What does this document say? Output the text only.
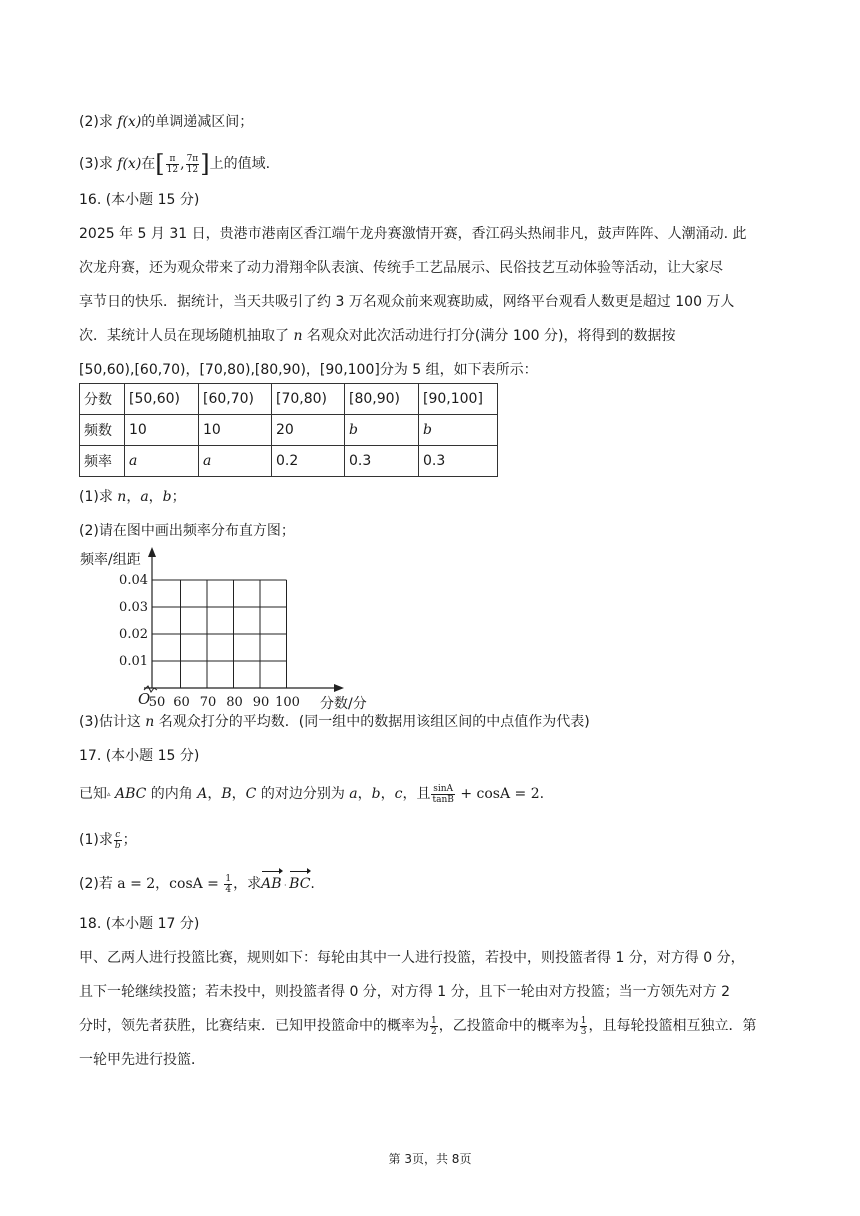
(2)求 f(x)的单调递减区间；
(3)求 f(x)在[ $\frac{\pi}{12}$ , $\frac{7\pi}{12}$ ]上的值域.
16. (本小题 15 分)
2025 年 5 月 31 日，贵港市港南区香江端午龙舟赛激情开赛，香江码头热闹非凡，鼓声阵阵、人潮涌动. 此
次龙舟赛，还为观众带来了动力滑翔伞队表演、传统手工艺品展示、民俗技艺互动体验等活动，让大家尽
享节日的快乐．据统计，当天共吸引了约 3 万名观众前来观赛助威，网络平台观看人数更是超过 100 万人
次．某统计人员在现场随机抽取了 n 名观众对此次活动进行打分(满分 100 分)，将得到的数据按
[50,60),[60,70)，[70,80),[80,90)，[90,100]分为 5 组，如下表所示：
分数	[50,60)	[60,70)	[70,80)	[80,90)	[90,100]
频数	10	10	20	b	b
频率	a	a	0.2	0.3	0.3
(1)求 n，a，b；
(2)请在图中画出频率分布直方图；
0.01
0.02
0.03
0.04
50 60 70 80 90 100
频率/组距
分数/分
O
(3)估计这 n 名观众打分的平均数．(同一组中的数据用该组区间的中点值作为代表)
17. (本小题 15 分)
已知▵ ABC 的内角 A，B，C 的对边分别为 a，b，c，且 $\frac{\sin A}{\tan B} + \cos A = 2$.
(1)求 $\frac{c}{b}$ ；
(2)若 a = 2，$\cos A = \frac{1}{4}$ ，求AB · BC.
18. (本小题 17 分)
甲、乙两人进行投篮比赛，规则如下：每轮由其中一人进行投篮，若投中，则投篮者得 1 分，对方得 0 分，
且下一轮继续投篮；若未投中，则投篮者得 0 分，对方得 1 分，且下一轮由对方投篮；当一方领先对方 2
分时，领先者获胜，比赛结束．已知甲投篮命中的概率为 $\frac{1}{2}$ ，乙投篮命中的概率为 $\frac{1}{3}$ ，且每轮投篮相互独立．第
一轮甲先进行投篮．
第 3页，共 8页
